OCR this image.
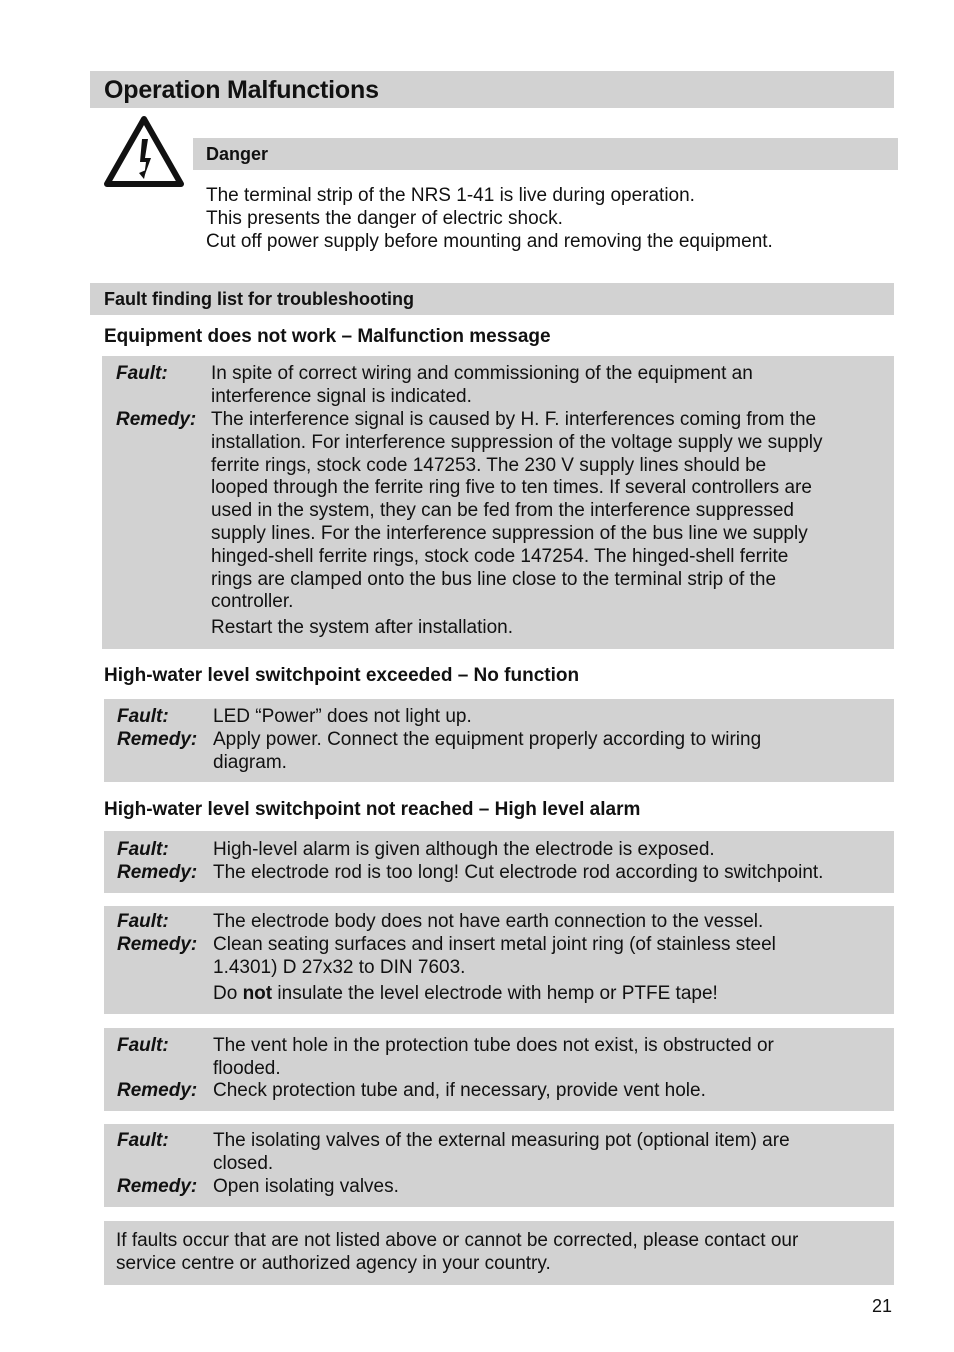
Operation Malfunctions
Danger
The terminal strip of the NRS 1-41 is live during operation.
This presents the danger of electric shock.
Cut off power supply before mounting and removing the equipment.
Fault finding list for troubleshooting
Equipment does not work – Malfunction message
Fault: In spite of correct wiring and commissioning of the equipment an
interference signal is indicated.
Remedy: The interference signal is caused by H. F. interferences coming from the
installation. For interference suppression of the voltage supply we supply
ferrite rings, stock code 147253. The 230 V supply lines should be
looped through the ferrite ring five to ten times. If several controllers are
used in the system, they can be fed from the interference suppressed
supply lines. For the interference suppression of the bus line we supply
hinged-shell ferrite rings, stock code 147254. The hinged-shell ferrite
rings are clamped onto the bus line close to the terminal strip of the
controller.
Restart the system after installation.
High-water level switchpoint exceeded – No function
Fault: LED “Power” does not light up.
Remedy: Apply power. Connect the equipment properly according to wiring
diagram.
High-water level switchpoint not reached – High level alarm
Fault: High-level alarm is given although the electrode is exposed.
Remedy: The electrode rod is too long! Cut electrode rod according to switchpoint.
Fault: The electrode body does not have earth connection to the vessel.
Remedy: Clean seating surfaces and insert metal joint ring (of stainless steel
1.4301) D 27x32 to DIN 7603.
Do not insulate the level electrode with hemp or PTFE tape!
Fault: The vent hole in the protection tube does not exist, is obstructed or
flooded.
Remedy: Check protection tube and, if necessary, provide vent hole.
Fault: The isolating valves of the external measuring pot (optional item) are
closed.
Remedy: Open isolating valves.
If faults occur that are not listed above or cannot be corrected, please contact our
service centre or authorized agency in your country.
21
